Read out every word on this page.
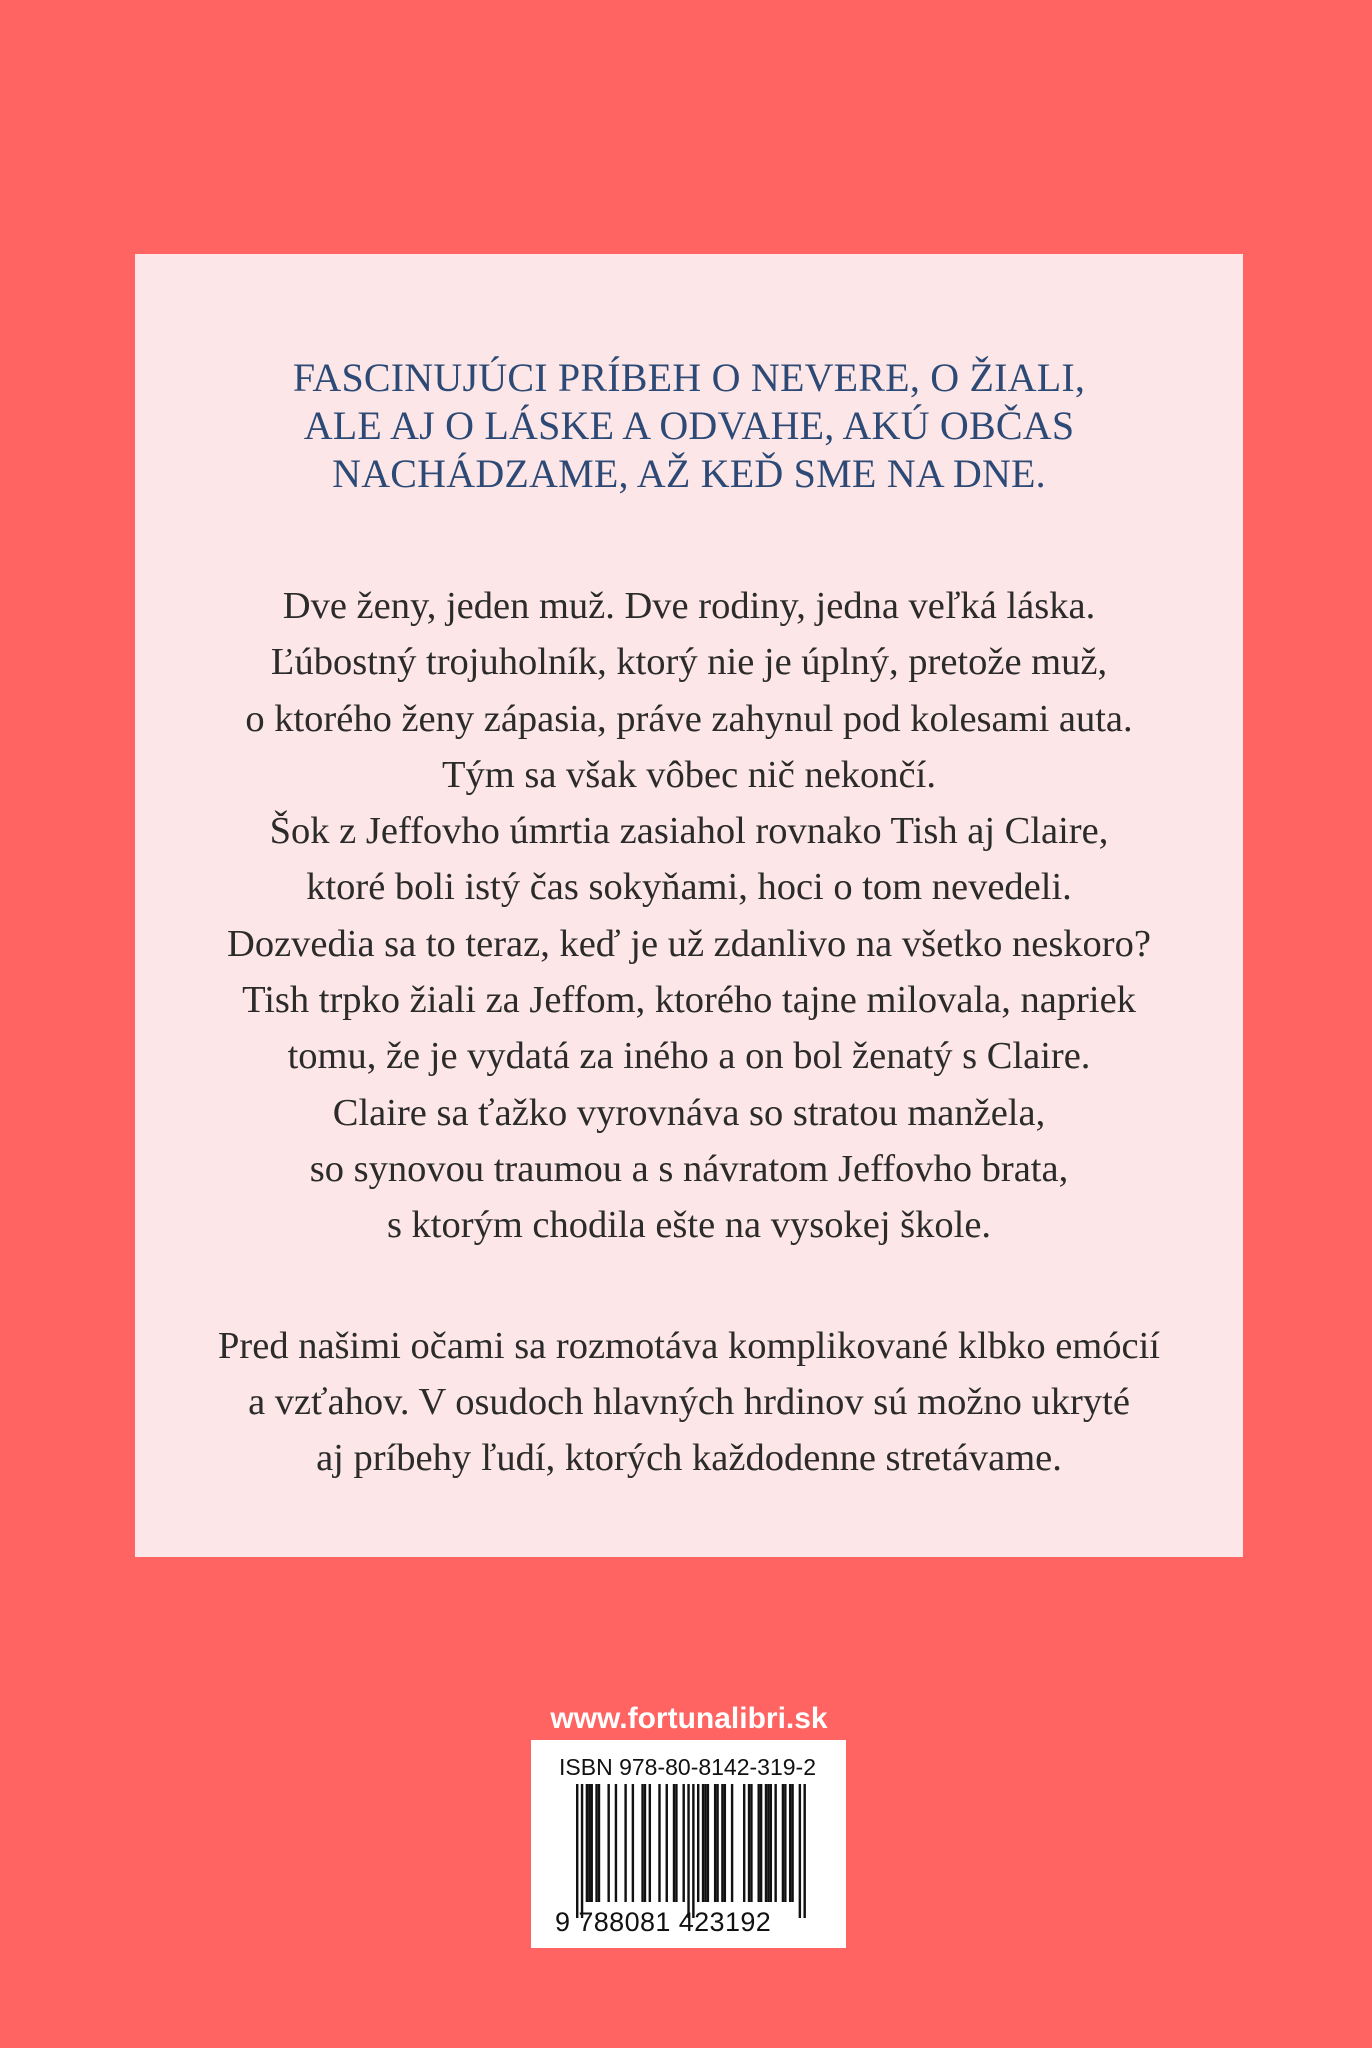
FASCINUJÚCI PRÍBEH O NEVERE, O ŽIALI,
ALE AJ O LÁSKE A ODVAHE, AKÚ OBČAS
NACHÁDZAME, AŽ KEĎ SME NA DNE.

Dve ženy, jeden muž. Dve rodiny, jedna veľká láska.
Ľúbostný trojuholník, ktorý nie je úplný, pretože muž,
o ktorého ženy zápasia, práve zahynul pod kolesami auta.
Tým sa však vôbec nič nekončí.
Šok z Jeffovho úmrtia zasiahol rovnako Tish aj Claire,
ktoré boli istý čas sokyňami, hoci o tom nevedeli.
Dozvedia sa to teraz, keď je už zdanlivo na všetko neskoro?
Tish trpko žiali za Jeffom, ktorého tajne milovala, napriek
tomu, že je vydatá za iného a on bol ženatý s Claire.
Claire sa ťažko vyrovnáva so stratou manžela,
so synovou traumou a s návratom Jeffovho brata,
s ktorým chodila ešte na vysokej škole.

Pred našimi očami sa rozmotáva komplikované klbko emócií
a vzťahov. V osudoch hlavných hrdinov sú možno ukryté
aj príbehy ľudí, ktorých každodenne stretávame.

www.fortunalibri.sk
ISBN 978-80-8142-319-2
9 788081 423192
